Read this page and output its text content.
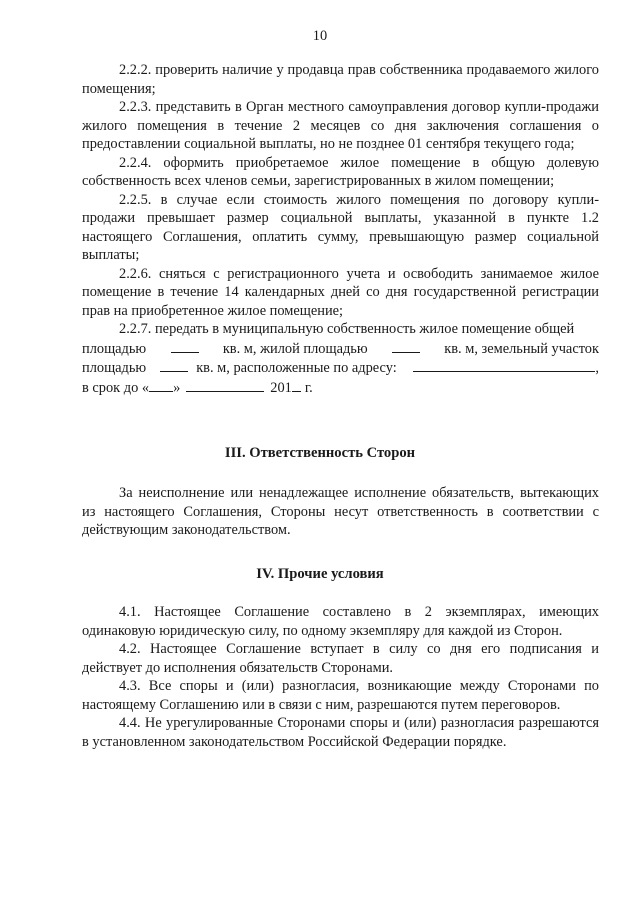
10

2.2.2. проверить наличие у продавца прав собственника продаваемого жилого помещения;

2.2.3. представить в Орган местного самоуправления договор купли-продажи жилого помещения в течение 2 месяцев со дня заключения соглашения о предоставлении социальной выплаты, но не позднее 01 сентября текущего года;

2.2.4. оформить приобретаемое жилое помещение в общую долевую собственность всех членов семьи, зарегистрированных в жилом помещении;

2.2.5. в случае если стоимость жилого помещения по договору купли-продажи превышает размер социальной выплаты, указанной в пункте 1.2 настоящего Соглашения, оплатить сумму, превышающую размер социальной выплаты;

2.2.6. сняться с регистрационного учета и освободить занимаемое жилое помещение в течение 14 календарных дней со дня государственной регистрации прав на приобретенное жилое помещение;

2.2.7. передать в муниципальную собственность жилое помещение общей

площадью	кв. м, жилой площадью	кв. м, земельный участок

площадью	кв. м, расположенные по адресу:	,

в срок до « »	201 г.

III. Ответственность Сторон

За неисполнение или ненадлежащее исполнение обязательств, вытекающих из настоящего Соглашения, Стороны несут ответственность в соответствии с действующим законодательством.

IV. Прочие условия

4.1. Настоящее Соглашение составлено в 2 экземплярах, имеющих одинаковую юридическую силу, по одному экземпляру для каждой из Сторон.

4.2. Настоящее Соглашение вступает в силу со дня его подписания и действует до исполнения обязательств Сторонами.

4.3. Все споры и (или) разногласия, возникающие между Сторонами по настоящему Соглашению или в связи с ним, разрешаются путем переговоров.

4.4. Не урегулированные Сторонами споры и (или) разногласия разрешаются в установленном законодательством Российской Федерации порядке.
